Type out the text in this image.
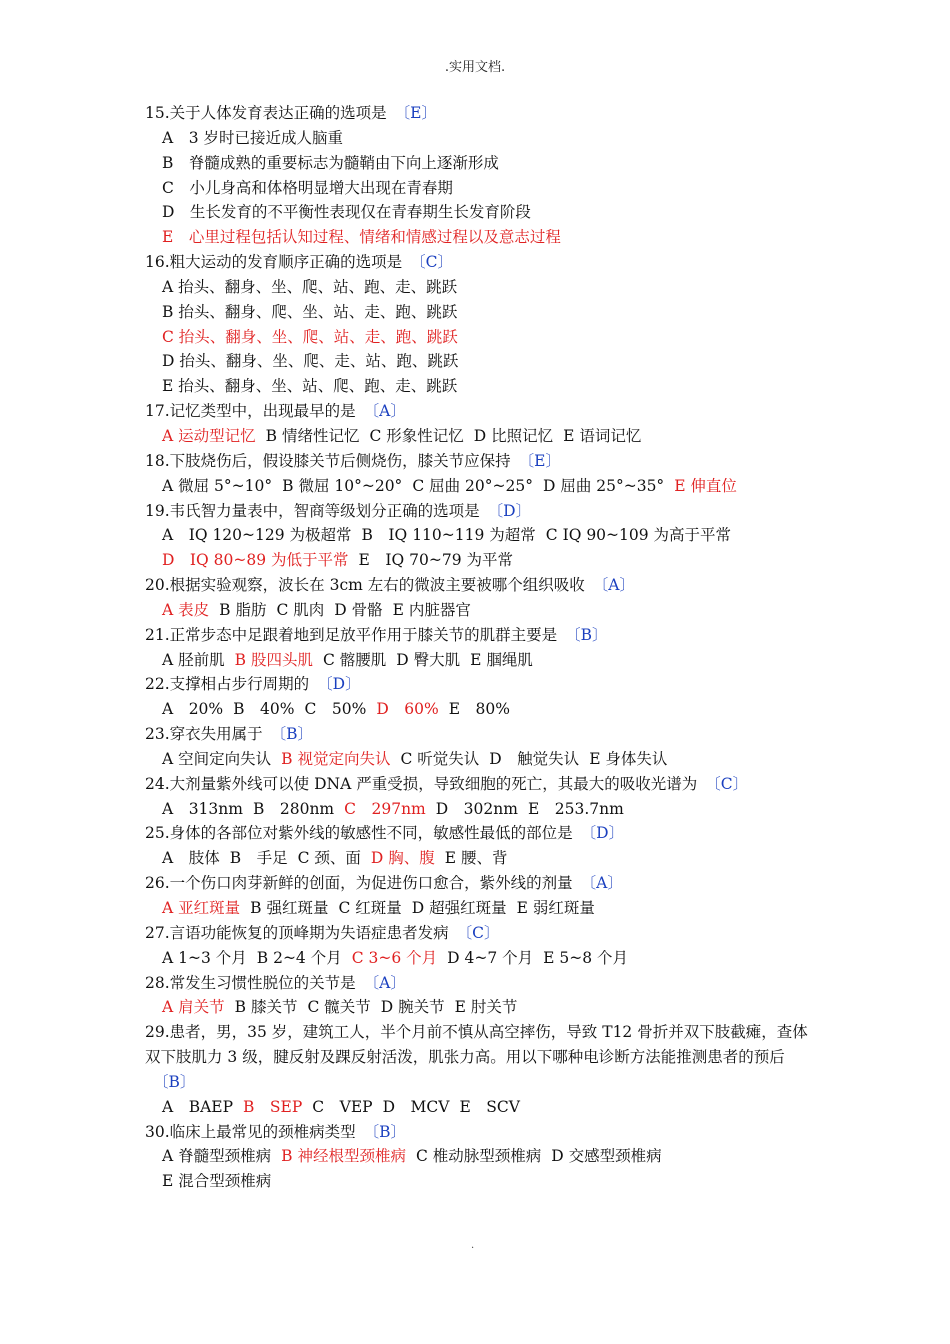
.实用文档.
15.关于人体发育表达正确的选项是 〔E〕
A　3 岁时已接近成人脑重
B　脊髓成熟的重要标志为髓鞘由下向上逐渐形成
C　小儿身高和体格明显增大出现在青春期
D　生长发育的不平衡性表现仅在青春期生长发育阶段
E　心里过程包括认知过程、情绪和情感过程以及意志过程
16.粗大运动的发育顺序正确的选项是 〔C〕
A 抬头、翻身、坐、爬、站、跑、走、跳跃
B 抬头、翻身、爬、坐、站、走、跑、跳跃
C 抬头、翻身、坐、爬、站、走、跑、跳跃
D 抬头、翻身、坐、爬、走、站、跑、跳跃
E 抬头、翻身、坐、站、爬、跑、走、跳跃
17.记忆类型中，出现最早的是 〔A〕
A 运动型记忆 B 情绪性记忆 C 形象性记忆 D 比照记忆 E 语词记忆
18.下肢烧伤后，假设膝关节后侧烧伤，膝关节应保持 〔E〕
A 微屈 5°~10° B 微屈 10°~20° C 屈曲 20°~25° D 屈曲 25°~35° E 伸直位
19.韦氏智力量表中，智商等级划分正确的选项是 〔D〕
A　IQ 120~129 为极超常 B　IQ 110~119 为超常 C IQ 90~109 为高于平常
D　IQ 80~89 为低于平常 E　IQ 70~79 为平常
20.根据实验观察，波长在 3cm 左右的微波主要被哪个组织吸收 〔A〕
A 表皮 B 脂肪 C 肌肉 D 骨骼 E 内脏器官
21.正常步态中足跟着地到足放平作用于膝关节的肌群主要是 〔B〕
A 胫前肌 B 股四头肌 C 髂腰肌 D 臀大肌 E 腘绳肌
22.支撑相占步行周期的 〔D〕
A　20% B　40% C　50% D　60% E　80%
23.穿衣失用属于 〔B〕
A 空间定向失认 B 视觉定向失认 C 听觉失认 D　触觉失认 E 身体失认
24.大剂量紫外线可以使 DNA 严重受损，导致细胞的死亡，其最大的吸收光谱为 〔C〕
A　313nm B　280nm C　297nm D　302nm E　253.7nm
25.身体的各部位对紫外线的敏感性不同，敏感性最低的部位是 〔D〕
A　肢体 B　手足 C 颈、面 D 胸、腹 E 腰、背
26.一个伤口肉芽新鲜的创面，为促进伤口愈合，紫外线的剂量 〔A〕
A 亚红斑量 B 强红斑量 C 红斑量 D 超强红斑量 E 弱红斑量
27.言语功能恢复的顶峰期为失语症患者发病 〔C〕
A 1~3 个月 B 2~4 个月 C 3~6 个月 D 4~7 个月 E 5~8 个月
28.常发生习惯性脱位的关节是 〔A〕
A 肩关节 B 膝关节 C 髋关节 D 腕关节 E 肘关节
29.患者，男，35 岁，建筑工人，半个月前不慎从高空摔伤，导致 T12 骨折并双下肢截瘫，查体双下肢肌力 3 级，腱反射及踝反射活泼，肌张力高。用以下哪种电诊断方法能推测患者的预后〔B〕
A　BAEP B　SEP C　VEP D　MCV E　SCV
30.临床上最常见的颈椎病类型 〔B〕
A 脊髓型颈椎病 B 神经根型颈椎病 C 椎动脉型颈椎病 D 交感型颈椎病
E 混合型颈椎病
.
